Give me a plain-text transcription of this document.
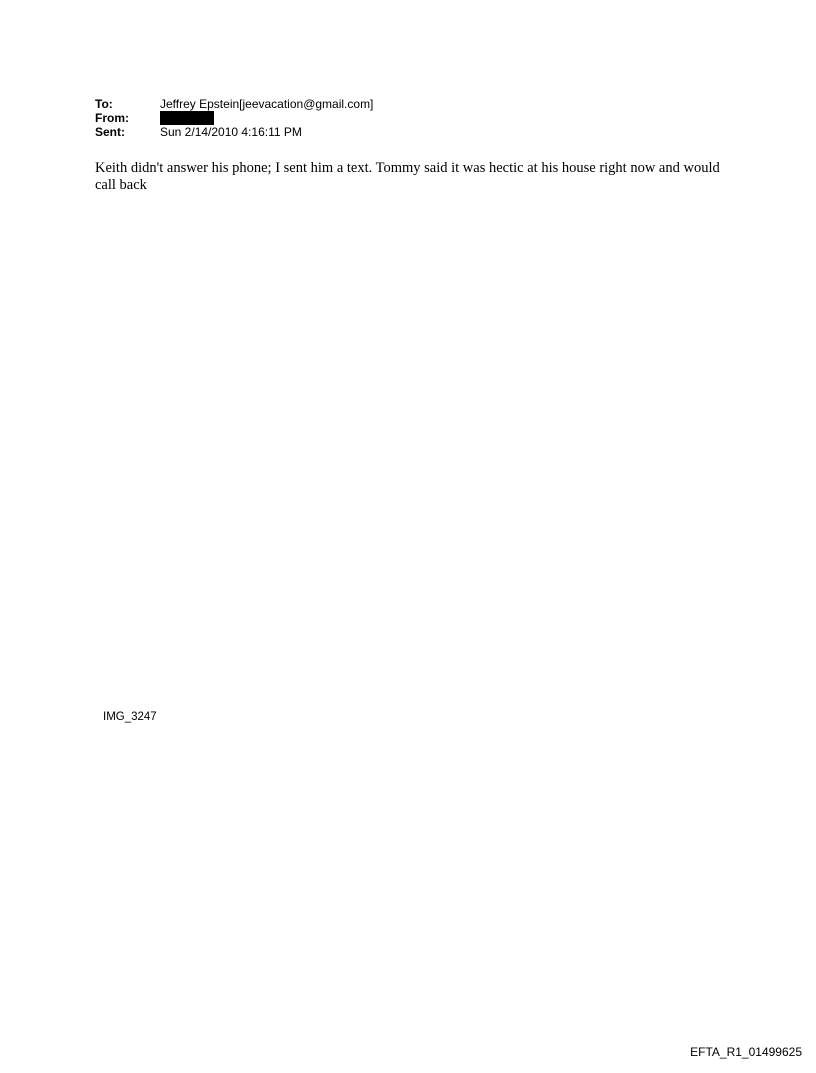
To:	Jeffrey Epstein[jeevacation@gmail.com]
From:
Sent:	Sun 2/14/2010 4:16:11 PM
Keith didn't answer his phone; I sent him a text. Tommy said it was hectic at his house right now and would call back
IMG_3247
EFTA_R1_01499625
